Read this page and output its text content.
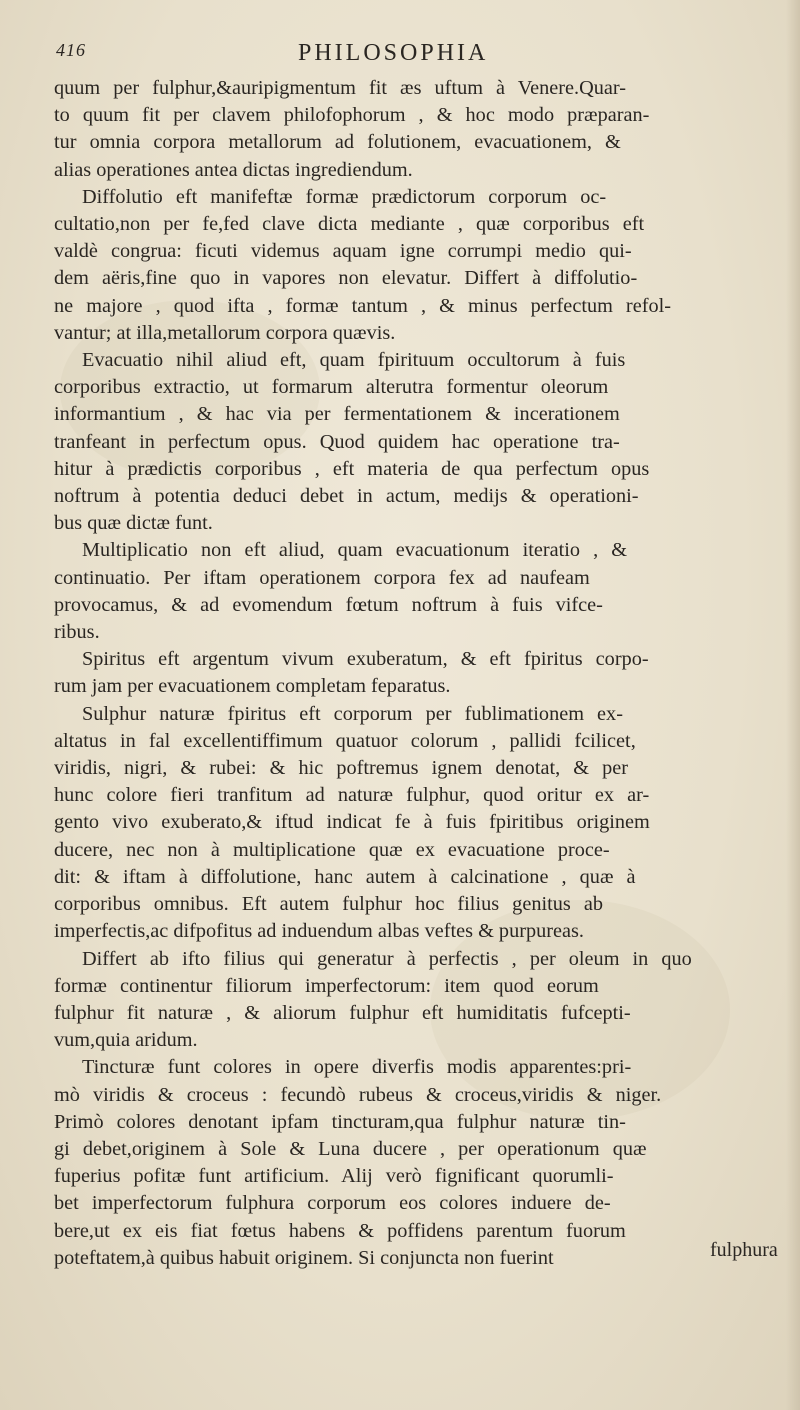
416	PHILOSOPHIA
quum per fulphur,&auripigmentum fit æs uftum à Venere.Quar-
to quum fit per clavem philofophorum , & hoc modo præparan-
tur omnia corpora metallorum ad folutionem, evacuationem, &
alias operationes antea dictas ingrediendum.
Diffolutio eft manifeftæ formæ prædictorum corporum oc-
cultatio,non per fe,fed clave dicta mediante , quæ corporibus eft
valdè congrua: ficuti videmus aquam igne corrumpi medio qui-
dem aëris,fine quo in vapores non elevatur. Differt à diffolutio-
ne majore , quod ifta , formæ tantum , & minus perfectum refol-
vantur; at illa,metallorum corpora quævis.
Evacuatio nihil aliud eft, quam fpirituum occultorum à fuis
corporibus extractio, ut formarum alterutra formentur oleorum
informantium , & hac via per fermentationem & incerationem
tranfeant in perfectum opus. Quod quidem hac operatione tra-
hitur à prædictis corporibus , eft materia de qua perfectum opus
noftrum à potentia deduci debet in actum, medijs & operationi-
bus quæ dictæ funt.
Multiplicatio non eft aliud, quam evacuationum iteratio , &
continuatio. Per iftam operationem corpora fex ad naufeam
provocamus, & ad evomendum fœtum noftrum à fuis vifce-
ribus.
Spiritus eft argentum vivum exuberatum, & eft fpiritus corpo-
rum jam per evacuationem completam feparatus.
Sulphur naturæ fpiritus eft corporum per fublimationem ex-
altatus in fal excellentiffimum quatuor colorum , pallidi fcilicet,
viridis, nigri, & rubei: & hic poftremus ignem denotat, & per
hunc colore fieri tranfitum ad naturæ fulphur, quod oritur ex ar-
gento vivo exuberato,& iftud indicat fe à fuis fpiritibus originem
ducere, nec non à multiplicatione quæ ex evacuatione proce-
dit: & iftam à diffolutione, hanc autem à calcinatione , quæ à
corporibus omnibus. Eft autem fulphur hoc filius genitus ab
imperfectis,ac difpofitus ad induendum albas veftes & purpureas.
Differt ab ifto filius qui generatur à perfectis , per oleum in quo
formæ continentur filiorum imperfectorum: item quod eorum
fulphur fit naturæ , & aliorum fulphur eft humiditatis fufcepti-
vum,quia aridum.
Tincturæ funt colores in opere diverfis modis apparentes:pri-
mò viridis & croceus : fecundò rubeus & croceus,viridis & niger.
Primò colores denotant ipfam tincturam,qua fulphur naturæ tin-
gi debet,originem à Sole & Luna ducere , per operationum quæ
fuperius pofitæ funt artificium. Alij verò fignificant quorumli-
bet imperfectorum fulphura corporum eos colores induere de-
bere,ut ex eis fiat fœtus habens & poffidens parentum fuorum
poteftatem,à quibus habuit originem. Si conjuncta non fuerint	fulphura
